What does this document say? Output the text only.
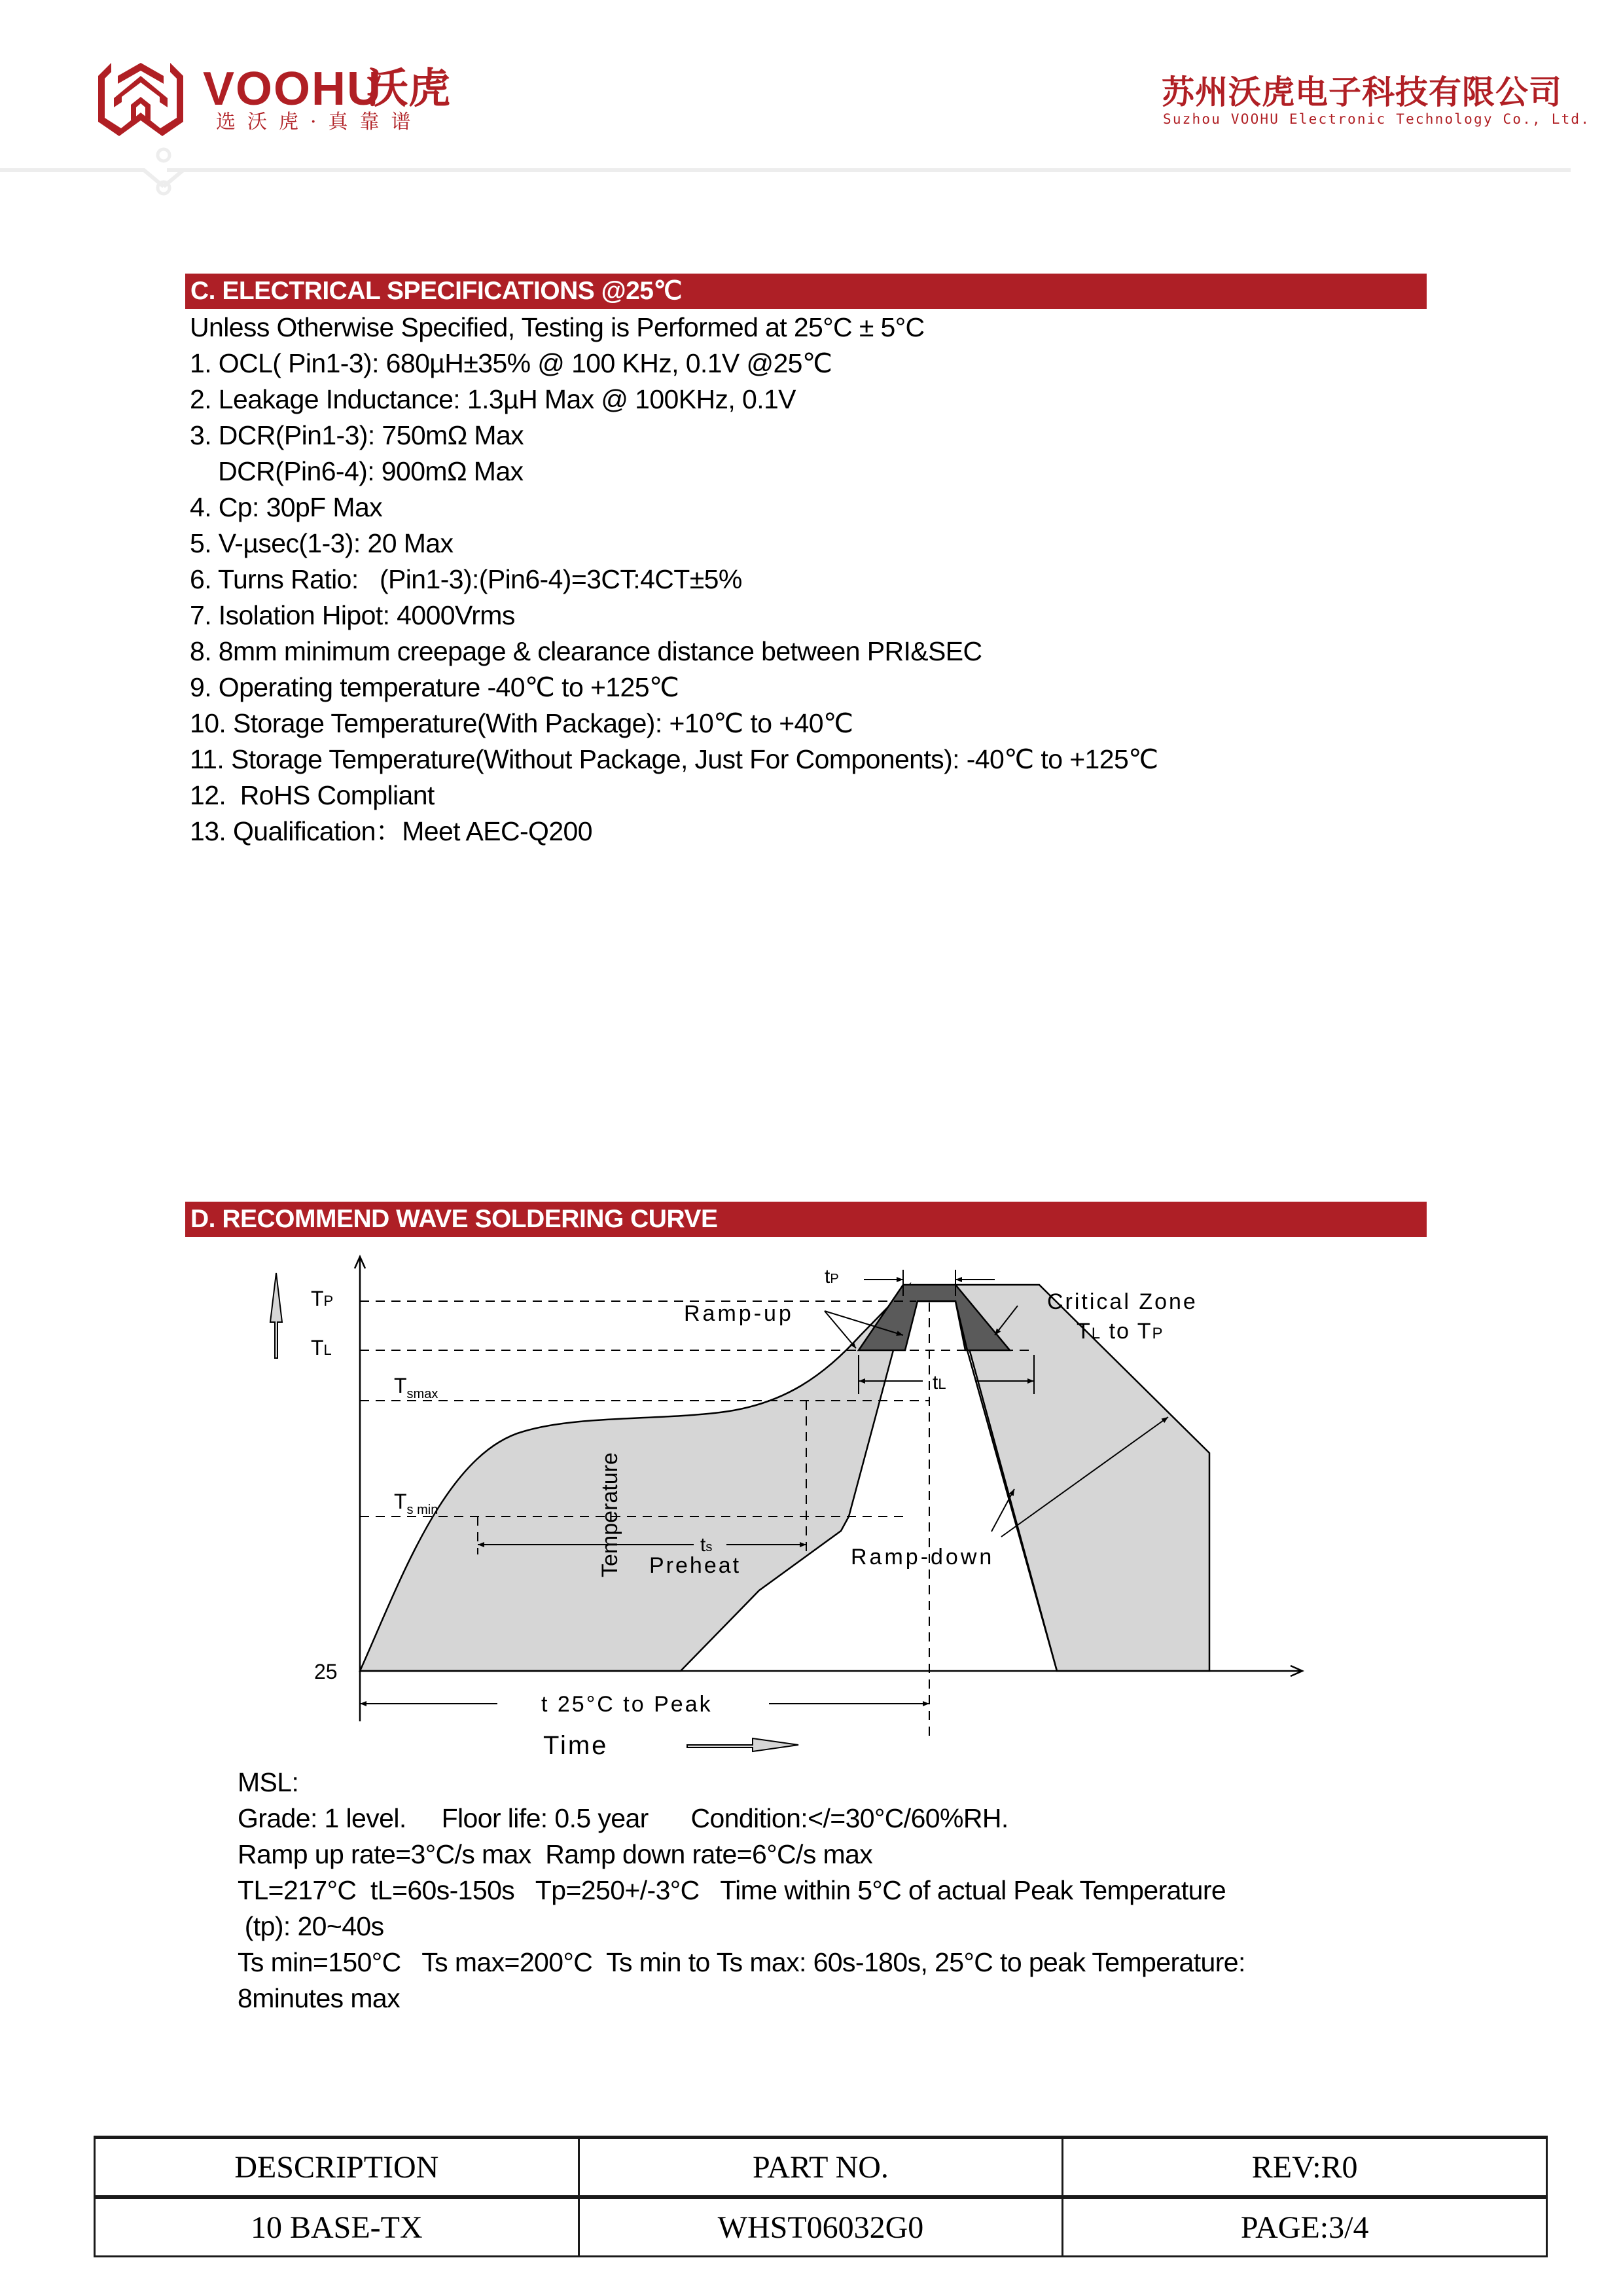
VOOHU
沃虎
选沃虎·真靠谱
苏州沃虎电子科技有限公司
Suzhou VOOHU Electronic Technology Co., Ltd.
C. ELECTRICAL SPECIFICATIONS @25℃
Unless Otherwise Specified, Testing is Performed at 25°C ± 5°C
1. OCL( Pin1-3): 680µH±35% @ 100 KHz, 0.1V @25℃
2. Leakage Inductance: 1.3µH Max @ 100KHz, 0.1V
3. DCR(Pin1-3): 750mΩ Max
DCR(Pin6-4): 900mΩ Max
4. Cp: 30pF Max
5. V-µsec(1-3): 20 Max
6. Turns Ratio:   (Pin1-3):(Pin6-4)=3CT:4CT±5%
7. Isolation Hipot: 4000Vrms
8. 8mm minimum creepage & clearance distance between PRI&SEC
9. Operating temperature -40℃ to +125℃
10. Storage Temperature(With Package): +10℃ to +40℃
11. Storage Temperature(Without Package, Just For Components): -40℃ to +125℃
12.  RoHS Compliant
13. Qualification：Meet AEC-Q200
D. RECOMMEND WAVE SOLDERING CURVE
Temperature
TP
TL
$T_{smax}$
$T_{s min}$
25
Ramp-up
tP
Critical Zone
TL to TP
tL
ts
Preheat	Ramp-down
t 25°C to Peak
Time
MSL:
Grade: 1 level.     Floor life: 0.5 year      Condition:</=30°C/60%RH.
Ramp up rate=3°C/s max  Ramp down rate=6°C/s max
TL=217°C  tL=60s-150s   Tp=250+/-3°C   Time within 5°C of actual Peak Temperature
(tp): 20~40s
Ts min=150°C   Ts max=200°C  Ts min to Ts max: 60s-180s, 25°C to peak Temperature:
8minutes max
DESCRIPTION	PART NO.	REV:R0
10 BASE-TX	WHST06032G0	PAGE:3/4
